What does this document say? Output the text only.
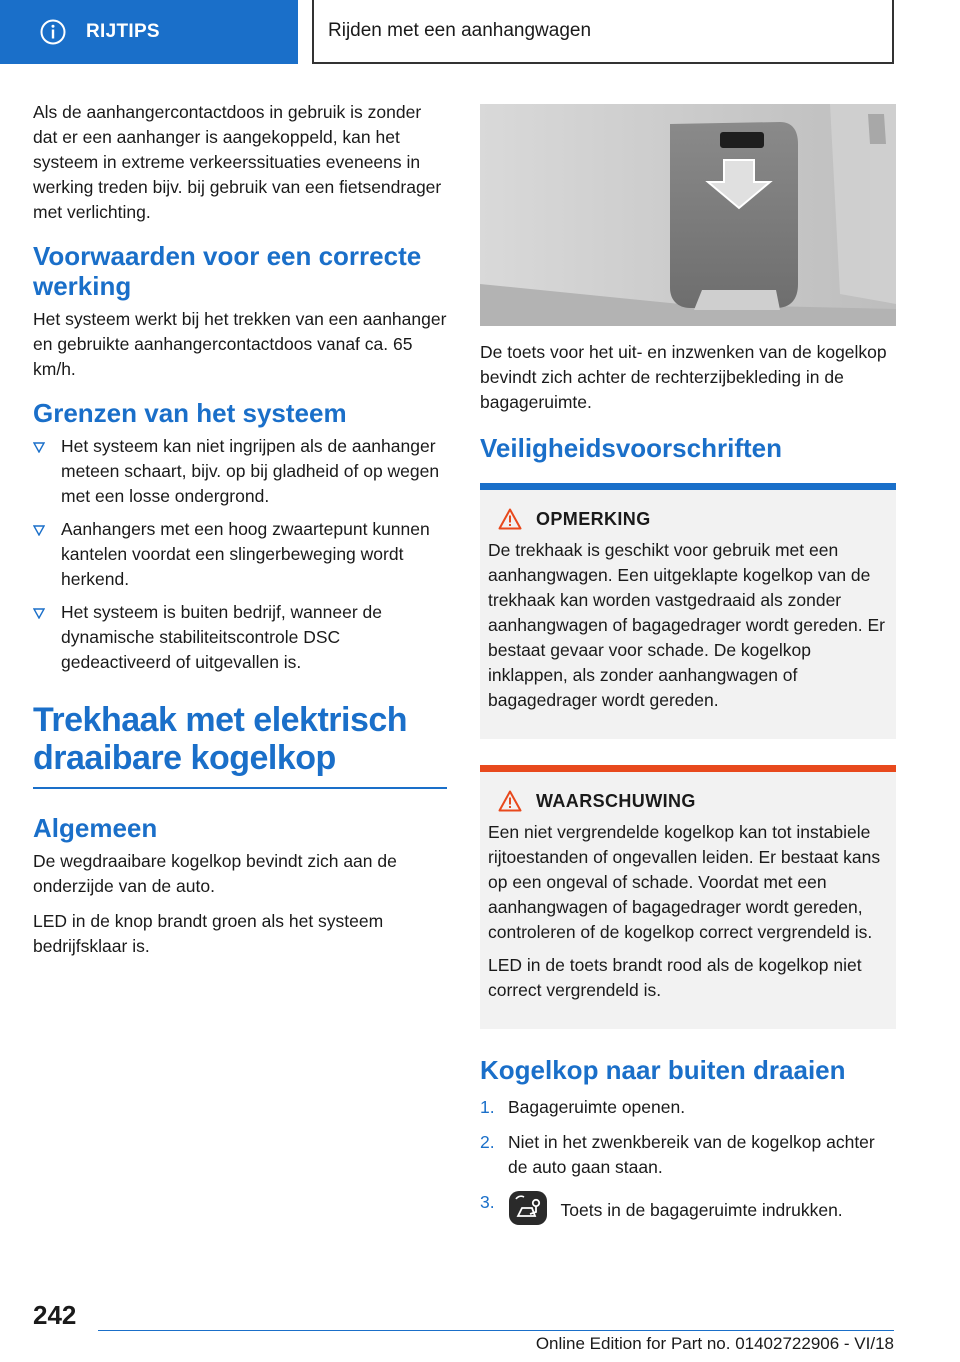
RIJTIPS	Rijden met een aanhangwagen

Als de aanhangercontactdoos in gebruik is zonder dat er een aanhanger is aangekoppeld, kan het systeem in extreme verkeerssituaties eveneens in werking treden bijv. bij gebruik van een fietsendrager met verlichting.

Voorwaarden voor een correcte werking

Het systeem werkt bij het trekken van een aanhanger en gebruikte aanhangercontactdoos vanaf ca. 65 km/h.

Grenzen van het systeem
Het systeem kan niet ingrijpen als de aanhanger meteen schaart, bijv. op bij gladheid of op wegen met een losse ondergrond.
Aanhangers met een hoog zwaartepunt kunnen kantelen voordat een slingerbeweging wordt herkend.
Het systeem is buiten bedrijf, wanneer de dynamische stabiliteitscontrole DSC gedeactiveerd of uitgevallen is.
Trekhaak met elektrisch draaibare kogelkop
Algemeen

De wegdraaibare kogelkop bevindt zich aan de onderzijde van de auto.

LED in de knop brandt groen als het systeem bedrijfsklaar is.

De toets voor het uit- en inzwenken van de kogelkop bevindt zich achter de rechterzijbekleding in de bagageruimte.

Veiligheidsvoorschriften
OPMERKING

De trekhaak is geschikt voor gebruik met een aanhangwagen. Een uitgeklapte kogelkop van de trekhaak kan worden vastgedraaid als zonder aanhangwagen of bagagedrager wordt gereden. Er bestaat gevaar voor schade. De kogelkop inklappen, als zonder aanhangwagen of bagagedrager wordt gereden.

WAARSCHUWING

Een niet vergrendelde kogelkop kan tot instabiele rijtoestanden of ongevallen leiden. Er bestaat kans op een ongeval of schade. Voordat met een aanhangwagen of bagagedrager wordt gereden, controleren of de kogelkop correct vergrendeld is.

LED in de toets brandt rood als de kogelkop niet correct vergrendeld is.

Kogelkop naar buiten draaien
1. Bagageruimte openen.
2. Niet in het zwenkbereik van de kogelkop achter de auto gaan staan.
3.	Toets in de bagageruimte indrukken.
242
Online Edition for Part no. 01402722906 - VI/18
